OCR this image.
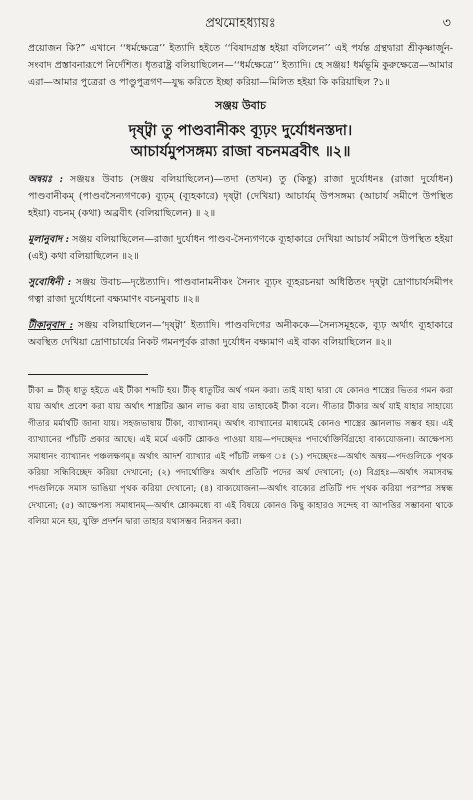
প্রথমোহধ্যায়ঃ	৩

প্রয়োজন কি?” এখানে ‘‘ধর্মক্ষেত্রে’’ ইত্যাদি হইতে ‘‘বিষাদগ্রস্ত হইয়া বলিলেন’’ এই পর্যন্ত গ্রন্থদ্বারা শ্রীকৃষ্ণার্জুন-সংবাদ প্রস্তাবনারূপে নির্দেশিত। ধৃতরাষ্ট্র বলিয়াছিলেন—‘‘ধর্মক্ষেত্রে’’ ইত্যাদি। হে সঞ্জয়! ধর্মভূমি কুরুক্ষেত্রে—আমার এরা—আমার পুত্রেরা ও পাণ্ডুপুত্রগণ—যুদ্ধ করিতে ইচ্ছা করিয়া—মিলিত হইয়া কি করিয়াছিল ?১॥

সঞ্জয় উবাচ
দৃষ্ট্বা তু পাণ্ডবানীকং ব্যূঢ়ং দুর্যোধনস্তদা।
আচার্যমুপসঙ্গম্য রাজা বচনমব্রবীৎ ॥২॥

অন্বয়ঃ : সঞ্জয়ঃ উবাচ (সঞ্জয় বলিয়াছিলেন)—তদা (তখন) তু (কিন্তু) রাজা দুর্যোধনঃ (রাজা দুর্যোধন) পাণ্ডবানীকম্ (পাণ্ডবসৈন্যগণকে) ব্যূঢ়ম্ (ব্যূহকারে) দৃষ্ট্বা (দেখিয়া) আচার্যম্ উপসঙ্গম্য (আচার্য সমীপে উপস্থিত হইয়া) বচনম্ (কথা) অব্রবীৎ (বলিয়াছিলেন) ॥ ২॥

মূলানুবাদ : সঞ্জয় বলিয়াছিলেন—রাজা দুর্যোধন পাণ্ডব-সৈন্যগণকে ব্যূহাকারে দেখিয়া আচার্য সমীপে উপস্থিত হইয়া (এই) কথা বলিয়াছিলেন ॥২॥

সুবোধিনী : সঞ্জয় উবাচ—দৃষ্টেত্যাদি। পাণ্ডবানামনীকং সৈন্যং ব্যূঢ়ং ব্যূহরচনয়া অধিষ্ঠিতং দৃষ্ট্বা দ্রোণাচার্যসমীপং গত্বা রাজা দুর্যোধনো বক্ষ্যমাণং বচনমুবাচ ॥২॥

টীকানুবাদ : সঞ্জয় বলিয়াছিলেন—‘দৃষ্ট্বা’ ইত্যাদি। পাণ্ডবদিগের অনীককে—সৈন্যসমূহকে, ব্যূঢ় অর্থাৎ ব্যূহাকারে অবস্থিত দেখিয়া দ্রোণাচার্যের নিকট গমনপূর্বক রাজা দুর্যোধন বক্ষ্যমাণ এই বাক্য বলিয়াছিলেন ॥২॥

টীকা = টীক্ ধাতু হইতে এই টীকা শব্দটি হয়। টীক্ ধাতুটির অর্থ গমন করা। তাই যাহা দ্বারা যে কোনও শাস্ত্রের ভিতর গমন করা যায় অর্থাৎ প্রবেশ করা যায় অর্থাৎ শাস্ত্রটির জ্ঞান লাভ করা যায় তাহাকেই টীকা বলে। গীতার টীকার অর্থ যাই যাহার সাহায্যে গীতার মর্মার্থটি জানা যায়। সহজভাষায় টীকা, ব্যাখ্যানম্। অর্থাৎ ব্যাখ্যানের মাধ্যমেই কোনও শাস্ত্রের জ্ঞানলাভ সম্ভব হয়। এই ব্যাখ্যানের পাঁচটি প্রকার আছে। এই মর্মে একটি শ্লোকও পাওয়া যায়—পদচ্ছেদঃ পদার্থোক্তির্বিগ্রহো বাক্যযোজনা। আক্ষেপস্য সমাধানং ব্যাখ্যানং পঞ্চলক্ষণম্॥ অর্থাৎ আদর্শ ব্যাখ্যার এই পাঁচটি লক্ষণ ঃ (১) পদচ্ছেদঃ—অর্থাৎ অন্বয়—পদগুলিকে পৃথক করিয়া সন্ধিবিচ্ছেদ করিয়া দেখানো; (২) পদার্থোক্তিঃ অর্থাৎ প্রতিটি পদের অর্থ দেখানো; (৩) বিগ্রহঃ—অর্থাৎ সমাসবদ্ধ পদগুলিকে সমাস ভাঙিয়া পৃথক করিয়া দেখানো; (৪) বাক্যযোজনা—অর্থাৎ বাক্যের প্রতিটি পদ পৃথক করিয়া পরস্পর সম্বন্ধ দেখানো; (৫) আক্ষেপস্য সমাধানম্—অর্থাৎ শ্লোকমধ্যে বা এই বিষয়ে কোনও কিছু কাহারও সন্দেহ বা আপত্তির সম্ভাবনা থাকে বলিয়া মনে হয়, যুক্তি প্রদর্শন দ্বারা তাহার যথাসম্ভব নিরসন করা।
